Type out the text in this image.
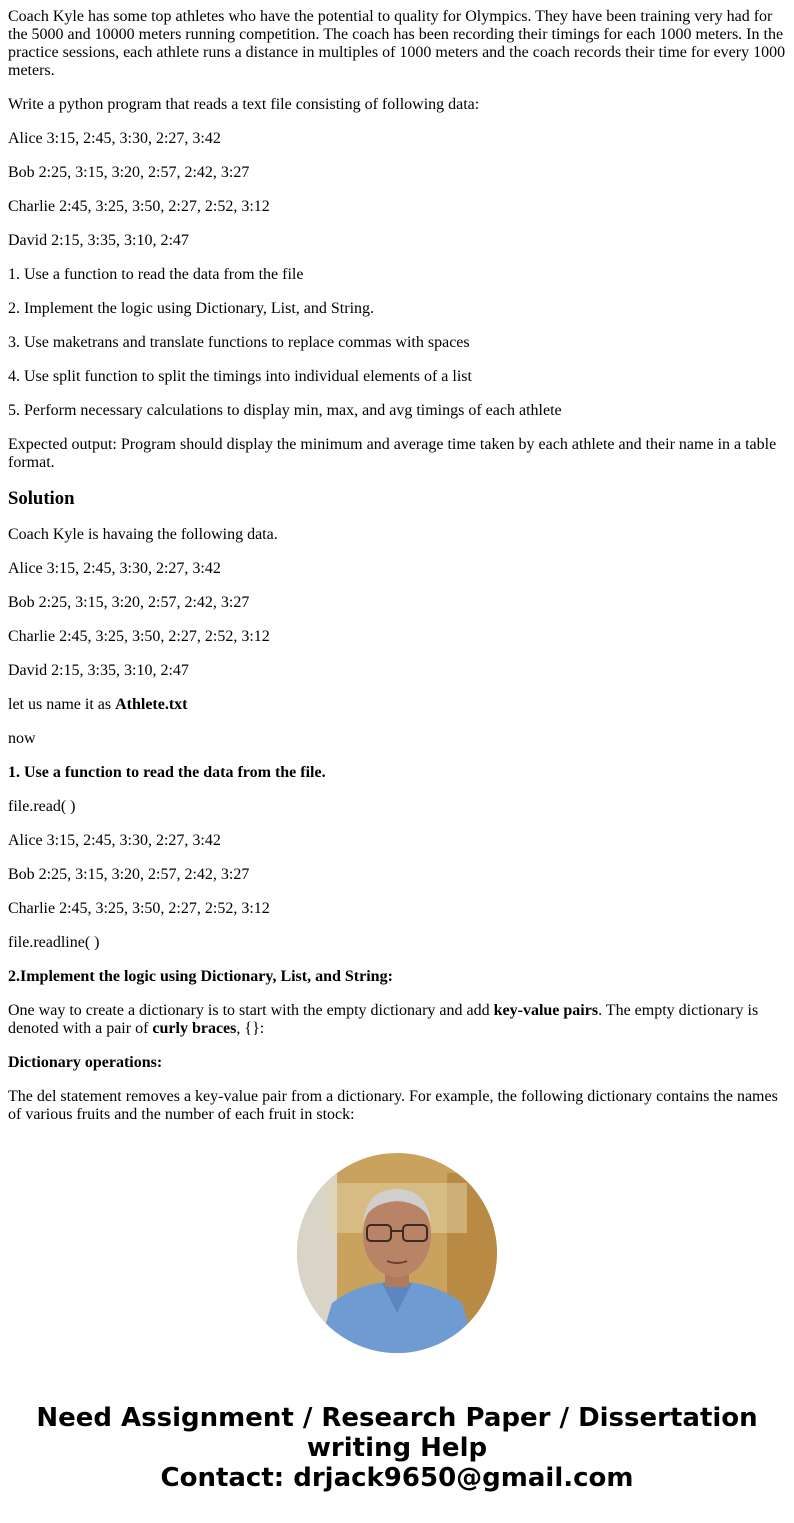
Coach Kyle has some top athletes who have the potential to quality for Olympics. They have been training very had for the 5000 and 10000 meters running competition. The coach has been recording their timings for each 1000 meters. In the practice sessions, each athlete runs a distance in multiples of 1000 meters and the coach records their time for every 1000 meters.

Write a python program that reads a text file consisting of following data:

Alice 3:15, 2:45, 3:30, 2:27, 3:42

Bob 2:25, 3:15, 3:20, 2:57, 2:42, 3:27

Charlie 2:45, 3:25, 3:50, 2:27, 2:52, 3:12

David 2:15, 3:35, 3:10, 2:47

1. Use a function to read the data from the file

2. Implement the logic using Dictionary, List, and String.

3. Use maketrans and translate functions to replace commas with spaces

4. Use split function to split the timings into individual elements of a list

5. Perform necessary calculations to display min, max, and avg timings of each athlete

Expected output: Program should display the minimum and average time taken by each athlete and their name in a table format.

Solution

Coach Kyle is havaing the following data.

Alice 3:15, 2:45, 3:30, 2:27, 3:42

Bob 2:25, 3:15, 3:20, 2:57, 2:42, 3:27

Charlie 2:45, 3:25, 3:50, 2:27, 2:52, 3:12

David 2:15, 3:35, 3:10, 2:47

let us name it as Athlete.txt

now

1. Use a function to read the data from the file.

file.read( )

Alice 3:15, 2:45, 3:30, 2:27, 3:42

Bob 2:25, 3:15, 3:20, 2:57, 2:42, 3:27

Charlie 2:45, 3:25, 3:50, 2:27, 2:52, 3:12

file.readline( )

2.Implement the logic using Dictionary, List, and String:

One way to create a dictionary is to start with the empty dictionary and add key-value pairs. The empty dictionary is denoted with a pair of curly braces, {}:

Dictionary operations:

The del statement removes a key-value pair from a dictionary. For example, the following dictionary contains the names of various fruits and the number of each fruit in stock:

Need Assignment / Research Paper / Dissertation
writing Help
Contact: drjack9650@gmail.com
